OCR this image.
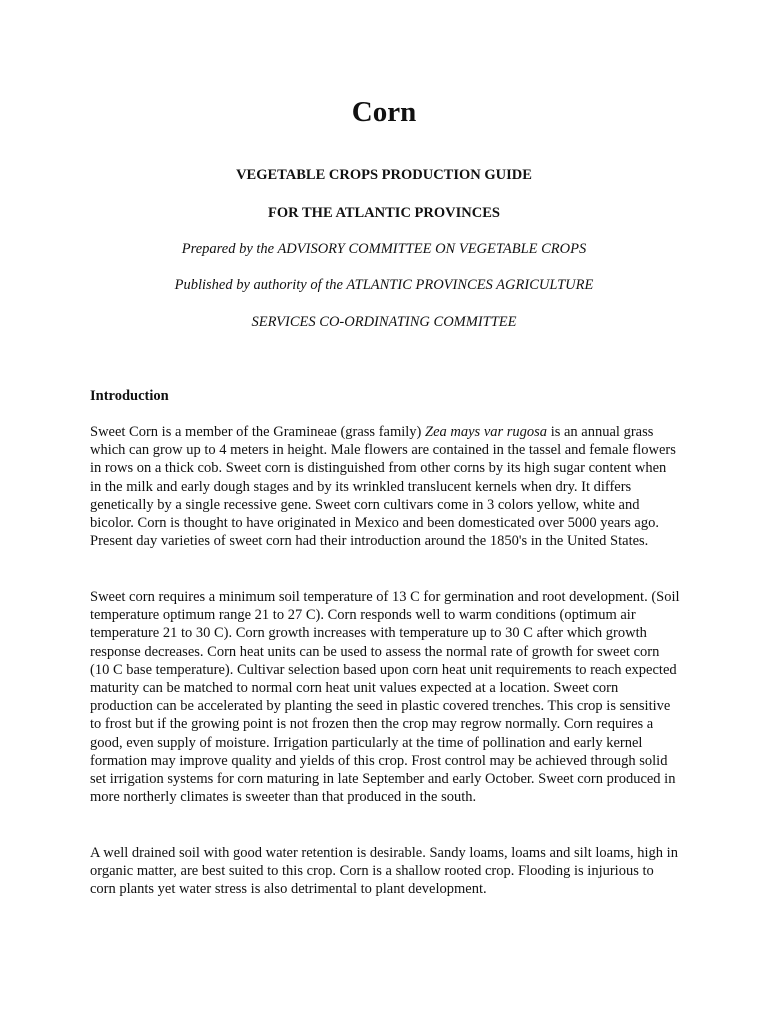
Corn

VEGETABLE CROPS PRODUCTION GUIDE

FOR THE ATLANTIC PROVINCES

Prepared by the ADVISORY COMMITTEE ON VEGETABLE CROPS

Published by authority of the ATLANTIC PROVINCES AGRICULTURE

SERVICES CO-ORDINATING COMMITTEE

Introduction

Sweet Corn is a member of the Gramineae (grass family) Zea mays var rugosa is an annual grass which can grow up to 4 meters in height. Male flowers are contained in the tassel and female flowers in rows on a thick cob. Sweet corn is distinguished from other corns by its high sugar content when in the milk and early dough stages and by its wrinkled translucent kernels when dry. It differs genetically by a single recessive gene. Sweet corn cultivars come in 3 colors yellow, white and bicolor. Corn is thought to have originated in Mexico and been domesticated over 5000 years ago. Present day varieties of sweet corn had their introduction around the 1850's in the United States.

Sweet corn requires a minimum soil temperature of 13 C for germination and root development. (Soil temperature optimum range 21 to 27 C). Corn responds well to warm conditions (optimum air temperature 21 to 30 C). Corn growth increases with temperature up to 30 C after which growth response decreases. Corn heat units can be used to assess the normal rate of growth for sweet corn (10 C base temperature). Cultivar selection based upon corn heat unit requirements to reach expected maturity can be matched to normal corn heat unit values expected at a location. Sweet corn production can be accelerated by planting the seed in plastic covered trenches. This crop is sensitive to frost but if the growing point is not frozen then the crop may regrow normally. Corn requires a good, even supply of moisture. Irrigation particularly at the time of pollination and early kernel formation may improve quality and yields of this crop. Frost control may be achieved through solid set irrigation systems for corn maturing in late September and early October. Sweet corn produced in more northerly climates is sweeter than that produced in the south.

A well drained soil with good water retention is desirable. Sandy loams, loams and silt loams, high in organic matter, are best suited to this crop. Corn is a shallow rooted crop. Flooding is injurious to corn plants yet water stress is also detrimental to plant development.
